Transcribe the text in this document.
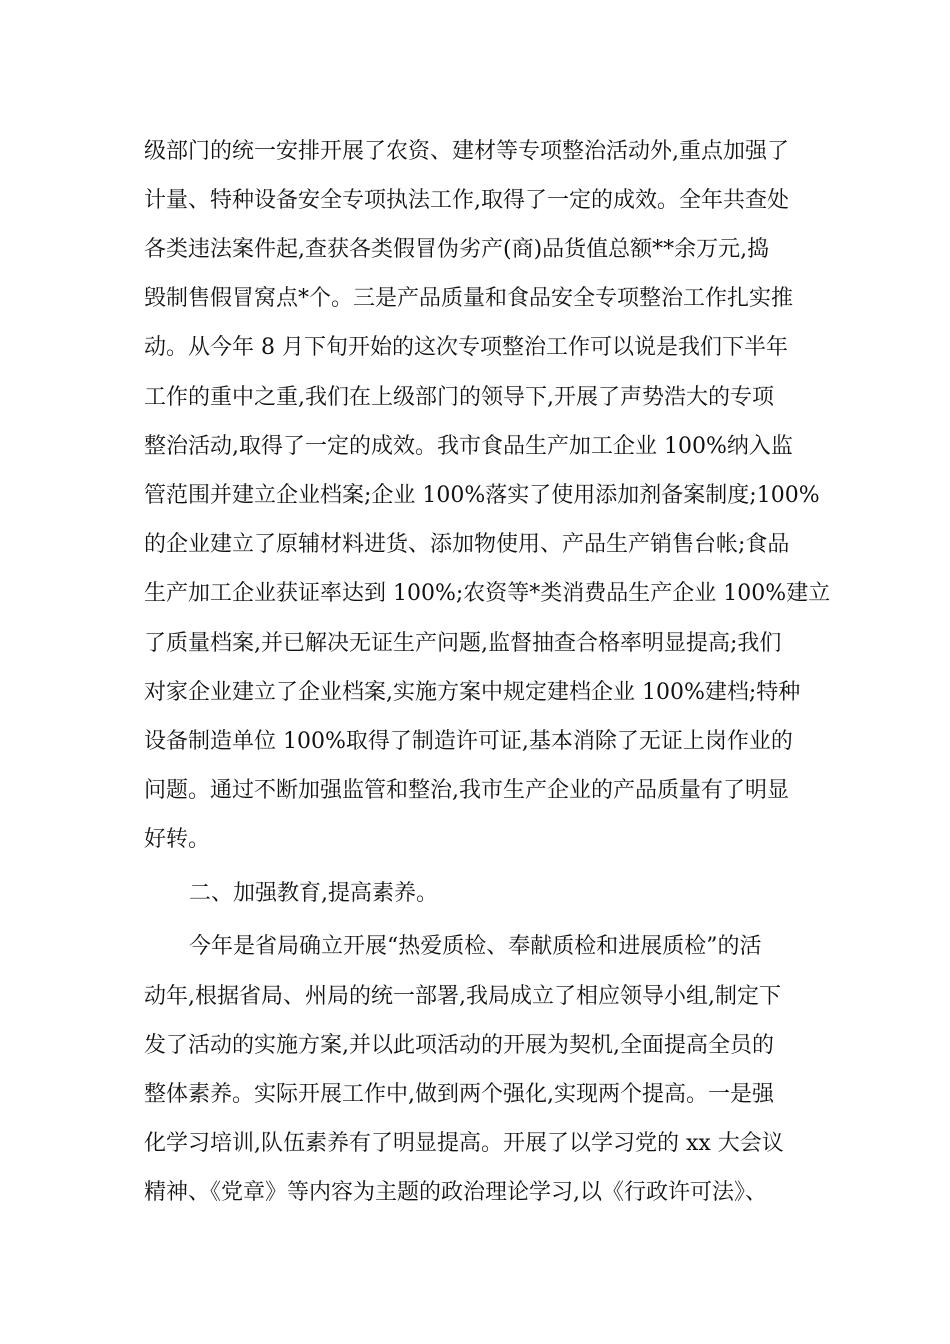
级部门的统一安排开展了农资、建材等专项整治活动外,重点加强了
计量、特种设备安全专项执法工作,取得了一定的成效。全年共查处
各类违法案件起,查获各类假冒伪劣产(商)品货值总额**余万元,捣
毁制售假冒窝点*个。三是产品质量和食品安全专项整治工作扎实推
动。从今年 8 月下旬开始的这次专项整治工作可以说是我们下半年
工作的重中之重,我们在上级部门的领导下,开展了声势浩大的专项
整治活动,取得了一定的成效。我市食品生产加工企业 100%纳入监
管范围并建立企业档案;企业 100%落实了使用添加剂备案制度;100%
的企业建立了原辅材料进货、添加物使用、产品生产销售台帐;食品
生产加工企业获证率达到 100%;农资等*类消费品生产企业 100%建立
了质量档案,并已解决无证生产问题,监督抽查合格率明显提高;我们
对家企业建立了企业档案,实施方案中规定建档企业 100%建档;特种
设备制造单位 100%取得了制造许可证,基本消除了无证上岗作业的
问题。通过不断加强监管和整治,我市生产企业的产品质量有了明显
好转。
二、加强教育,提高素养。
今年是省局确立开展“热爱质检、奉献质检和进展质检”的活
动年,根据省局、州局的统一部署,我局成立了相应领导小组,制定下
发了活动的实施方案,并以此项活动的开展为契机,全面提高全员的
整体素养。实际开展工作中,做到两个强化,实现两个提高。一是强
化学习培训,队伍素养有了明显提高。开展了以学习党的 xx 大会议
精神、《党章》等内容为主题的政治理论学习,以《行政许可法》、
